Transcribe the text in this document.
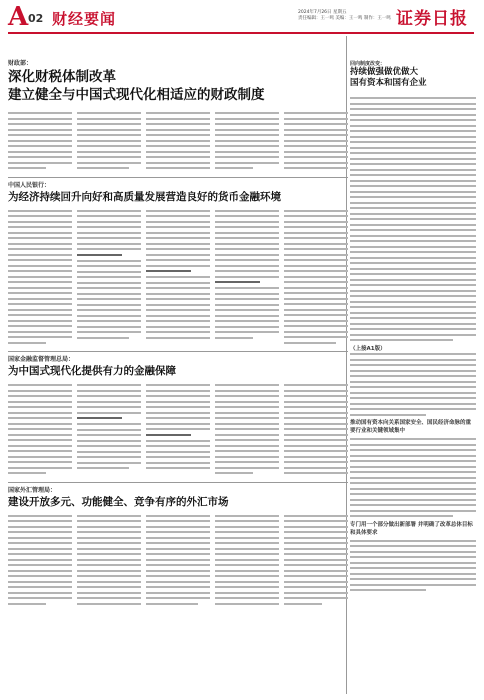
A 02 财经要闻	2024年7月26日 星期五
责任编辑：王一鸣 美编：王一鸣 制作：王一鸣 证券日报
财政部：
深化财税体制改革
建立健全与中国式现代化相适应的财政制度
中国人民银行：
为经济持续回升向好和高质量发展营造良好的货币金融环境
国家金融监督管理总局：
为中国式现代化提供有力的金融保障
国家外汇管理局：
建设开放多元、功能健全、竞争有序的外汇市场
回向制度改变：
持续做强做优做大
国有资本和国有企业
（上接A1版）
推动国有资本向关系国家安全、国民经济命脉的重要行业和关键领域集中
专门用一个部分做出新部署 并明确了改革总体目标和具体要求
